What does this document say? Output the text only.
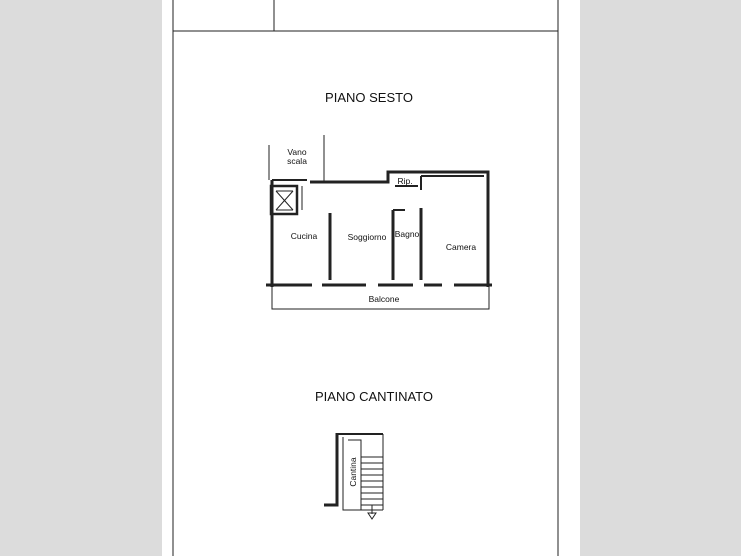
PIANO SESTO
Vano
scala
Rip.
Cucina	Soggiorno Bagno
Camera
Balcone
PIANO CANTINATO
Cantina
